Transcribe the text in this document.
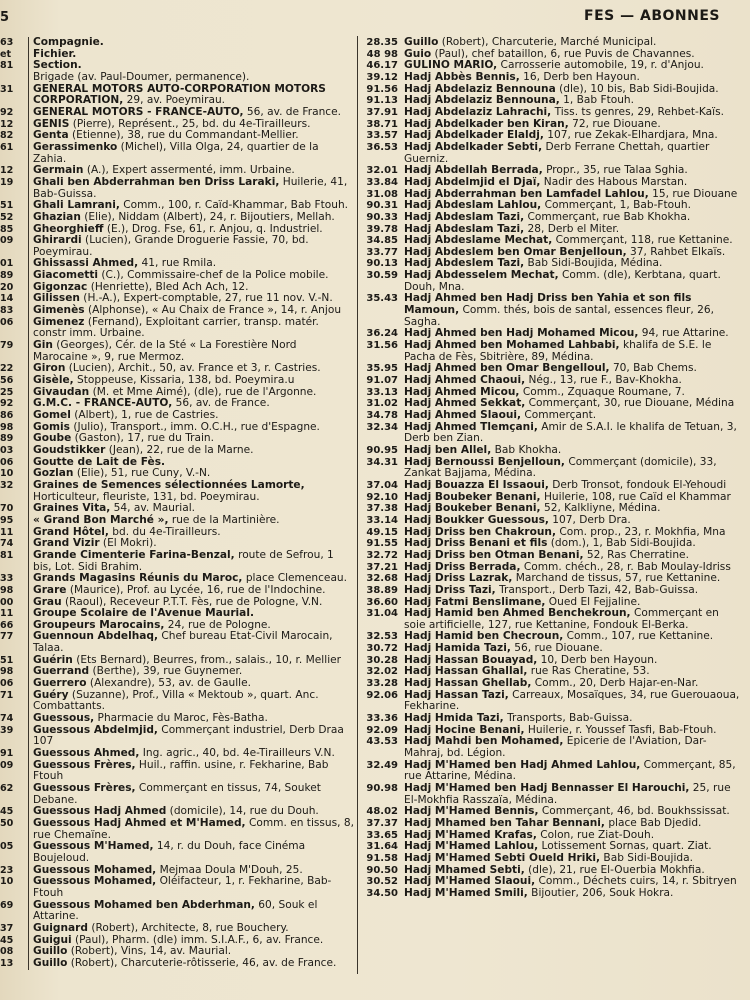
5	FES — ABONNES
63	Compagnie.
et	Fichier.
81	Section.
Brigade (av. Paul-Doumer, permanence).
31	GENERAL MOTORS AUTO-CORPORATION MOTORS CORPORATION, 29, av. Poeymirau.
92	GENERAL MOTORS - FRANCE-AUTO, 56, av. de France.
12	GENIS (Pierre), Représent., 25, bd. du 4e-Tirailleurs.
82	Genta (Etienne), 38, rue du Commandant-Mellier.
61	Gerassimenko (Michel), Villa Olga, 24, quartier de la Zahia.
12	Germain (A.), Expert assermenté, imm. Urbaine.
19	Ghali ben Abderrahman ben Driss Laraki, Huilerie, 41, Bab-Guissa.
51	Ghali Lamrani, Comm., 100, r. Caïd-Khammar, Bab Ftouh.
52	Ghazian (Elie), Niddam (Albert), 24, r. Bijoutiers, Mellah.
85	Gheorghieff (E.), Drog. Fse, 61, r. Anjou, q. Industriel.
09	Ghirardi (Lucien), Grande Droguerie Fassie, 70, bd. Poeymirau.
01	Ghissassi Ahmed, 41, rue Rmila.
89	Giacometti (C.), Commissaire-chef de la Police mobile.
20	Gigonzac (Henriette), Bled Ach Ach, 12.
14	Gilissen (H.-A.), Expert-comptable, 27, rue 11 nov. V.-N.
83	Gimenès (Alphonse), « Au Chaix de France », 14, r. Anjou
06	Gimenez (Fernand), Exploitant carrier, transp. matér. constr imm. Urbaine.
79	Gin (Georges), Cér. de la Sté « La Forestière Nord Marocaine », 9, rue Mermoz.
22	Giron (Lucien), Archit., 50, av. France et 3, r. Castries.
56	Gisèle, Stoppeuse, Kissaria, 138, bd. Poeymira.u
25	Givaudan (M. et Mme Aimé), (dle), rue de l'Argonne.
92	G.M.C. - FRANCE-AUTO, 56, av. de France.
86	Gomel (Albert), 1, rue de Castries.
98	Gomis (Julio), Transport., imm. O.C.H., rue d'Espagne.
89	Goube (Gaston), 17, rue du Train.
03	Goudstikker (Jean), 22, rue de la Marne.
06	Goutte de Lait de Fès.
10	Gozlan (Elie), 51, rue Cuny, V.-N.
32	Graines de Semences sélectionnées Lamorte, Horticulteur, fleuriste, 131, bd. Poeymirau.
70	Graines Vita, 54, av. Maurial.
95	« Grand Bon Marché », rue de la Martinière.
11	Grand Hôtel, bd. du 4e-Tirailleurs.
74	Grand Vizir (El Mokri).
81	Grande Cimenterie Farina-Benzal, route de Sefrou, 1 bis, Lot. Sidi Brahim.
33	Grands Magasins Réunis du Maroc, place Clemenceau.
98	Grare (Maurice), Prof. au Lycée, 16, rue de l'Indochine.
00	Grau (Raoul), Receveur P.T.T. Fès, rue de Pologne, V.N.
11	Groupe Scolaire de l'Avenue Maurial.
66	Groupeurs Marocains, 24, rue de Pologne.
77	Guennoun Abdelhaq, Chef bureau Etat-Civil Marocain, Talaa.
51	Guérin (Ets Bernard), Beurres, from., salais., 10, r. Mellier
98	Guerrand (Berthe), 39, rue Guynemer.
06	Guerrero (Alexandre), 53, av. de Gaulle.
71	Guéry (Suzanne), Prof., Villa « Mektoub », quart. Anc. Combattants.
74	Guessous, Pharmacie du Maroc, Fès-Batha.
39	Guessous Abdelmjid, Commerçant industriel, Derb Draa 107
91	Guessous Ahmed, Ing. agric., 40, bd. 4e-Tirailleurs V.N.
09	Guessous Frères, Huil., raffin. usine, r. Fekharine, Bab Ftouh
62	Guessous Frères, Commerçant en tissus, 74, Souket Debane.
45	Guessous Hadj Ahmed (domicile), 14, rue du Douh.
50	Guessous Hadj Ahmed et M'Hamed, Comm. en tissus, 8, rue Chemaïne.
05	Guessous M'Hamed, 14, r. du Douh, face Cinéma Boujeloud.
23	Guessous Mohamed, Mejmaa Doula M'Douh, 25.
10	Guessous Mohamed, Oléifacteur, 1, r. Fekharine, Bab-Ftouh
69	Guessous Mohamed ben Abderhman, 60, Souk el Attarine.
37	Guignard (Robert), Architecte, 8, rue Bouchery.
45	Guigui (Paul), Pharm. (dle) imm. S.I.A.F., 6, av. France.
08	Guillo (Robert), Vins, 14, av. Maurial.
13	Guillo (Robert), Charcuterie-rôtisserie, 46, av. de France.
28.35 Guillo (Robert), Charcuterie, Marché Municipal.
48 98 Guio (Paul), chef bataillon, 6, rue Puvis de Chavannes.
46.17 GULINO MARIO, Carrosserie automobile, 19, r. d'Anjou.
39.12 Hadj Abbès Bennis, 16, Derb ben Hayoun.
91.56 Hadj Abdelaziz Bennouna (dle), 10 bis, Bab Sidi-Boujida.
91.13 Hadj Abdelaziz Bennouna, 1, Bab Ftouh.
37.91 Hadj Abdelaziz Lahrachi, Tiss. ts genres, 29, Rehbet-Kaïs.
38.71 Hadj Abdelkader ben Kiran, 72, rue Diouane.
33.57 Hadj Abdelkader Elaldj, 107, rue Zekak-Elhardjara, Mna.
36.53 Hadj Abdelkader Sebti, Derb Ferrane Chettah, quartier Guerniz.
32.01 Hadj Abdellah Berrada, Propr., 35, rue Talaa Sghia.
33.84 Hadj Abdelmjid el Djaï, Nadir des Habous Marstan.
31.08 Hadj Abderrahman ben Lamfadel Lahlou, 15, rue Diouane
90.31 Hadj Abdeslam Lahlou, Commerçant, 1, Bab-Ftouh.
90.33 Hadj Abdeslam Tazi, Commerçant, rue Bab Khokha.
39.78 Hadj Abdeslam Tazi, 28, Derb el Miter.
34.85 Hadj Abdeslame Mechat, Commerçant, 118, rue Kettanine.
33.77 Hadj Abdeslem ben Omar Benjelloun, 37, Rahbet Elkaïs.
90.13 Hadj Abdeslem Tazi, Bab Sidi-Boujida, Médina.
30.59 Hadj Abdesselem Mechat, Comm. (dle), Kerbtana, quart. Douh, Mna.
35.43 Hadj Ahmed ben Hadj Driss ben Yahia et son fils Mamoun, Comm. thés, bois de santal, essences fleur, 26, Sagha.
36.24 Hadj Ahmed ben Hadj Mohamed Micou, 94, rue Attarine.
31.56 Hadj Ahmed ben Mohamed Lahbabi, khalifa de S.E. le Pacha de Fès, Sbitrière, 89, Médina.
35.95 Hadj Ahmed ben Omar Bengelloul, 70, Bab Chems.
91.07 Hadj Ahmed Chaoui, Nég., 13, rue F., Bav-Khokha.
33.13 Hadj Ahmed Micou, Comm., Zquaque Roumane, 7.
31.02 Hadj Ahmed Sekkat, Commerçant, 30, rue Diouane, Médina
34.78 Hadj Ahmed Slaoui, Commerçant.
32.34 Hadj Ahmed Tlemçani, Amir de S.A.I. le khalifa de Tetuan, 3, Derb ben Zian.
90.95 Hadj ben Allel, Bab Khokha.
34.31 Hadj Bernoussi Benjelloun, Commerçant (domicile), 33, Zankat Bajjama, Médina.
37.04 Hadj Bouazza El Issaoui, Derb Tronsot, fondouk El-Yehoudi
92.10 Hadj Boubeker Benani, Huilerie, 108, rue Caïd el Khammar
37.38 Hadj Boukeber Benani, 52, Kalkliyne, Médina.
33.14 Hadj Boukker Guessous, 107, Derb Dra.
49.15 Hadj Driss ben Chakroun, Com. prop., 23, r. Mokhfia, Mna
91.55 Hadj Driss Benani et fils (dom.), 1, Bab Sidi-Boujida.
32.72 Hadj Driss ben Otman Benani, 52, Ras Cherratine.
37.21 Hadj Driss Berrada, Comm. chéch., 28, r. Bab Moulay-Idriss
32.68 Hadj Driss Lazrak, Marchand de tissus, 57, rue Kettanine.
38.89 Hadj Driss Tazi, Transport., Derb Tazi, 42, Bab-Guissa.
36.60 Hadj Fatmi Benslimane, Oued El Fejjaline.
31.04 Hadj Hamid ben Ahmed Benchekroun, Commerçant en soie artificielle, 127, rue Kettanine, Fondouk El-Berka.
32.53 Hadj Hamid ben Checroun, Comm., 107, rue Kettanine.
30.72 Hadj Hamida Tazi, 56, rue Diouane.
30.28 Hadj Hassan Bouayad, 10, Derb ben Hayoun.
32.02 Hadj Hassan Ghallal, rue Ras Cheratine, 53.
33.28 Hadj Hassan Ghellab, Comm., 20, Derb Hajar-en-Nar.
92.06 Hadj Hassan Tazi, Carreaux, Mosaïques, 34, rue Guerouaoua, Fekharine.
33.36 Hadj Hmida Tazi, Transports, Bab-Guissa.
92.09 Hadj Hocine Benani, Huilerie, r. Youssef Tasfi, Bab-Ftouh.
43.53 Hadj Mahdi ben Mohamed, Epicerie de l'Aviation, Dar-Mahraj, bd. Légion.
32.49 Hadj M'Hamed ben Hadj Ahmed Lahlou, Commerçant, 85, rue Attarine, Médina.
90.98 Hadj M'Hamed ben Hadj Bennasser El Harouchi, 25, rue El-Mokhfia Rasszaïa, Médina.
48.02 Hadj M'Hamed Bennis, Commerçant, 46, bd. Boukhssissat.
37.37 Hadj Mhamed ben Tahar Bennani, place Bab Djedid.
33.65 Hadj M'Hamed Krafas, Colon, rue Ziat-Douh.
31.64 Hadj M'Hamed Lahlou, Lotissement Sornas, quart. Ziat.
91.58 Hadj M'Hamed Sebti Oueld Hriki, Bab Sidi-Boujida.
90.50 Hadj Mhamed Sebti, (dle), 21, rue El-Ouerbia Mokhfia.
30.52 Hadj M'Hamed Slaoui, Comm., Déchets cuirs, 14, r. Sbitryen
34.50 Hadj M'Hamed Smili, Bijoutier, 206, Souk Hokra.
